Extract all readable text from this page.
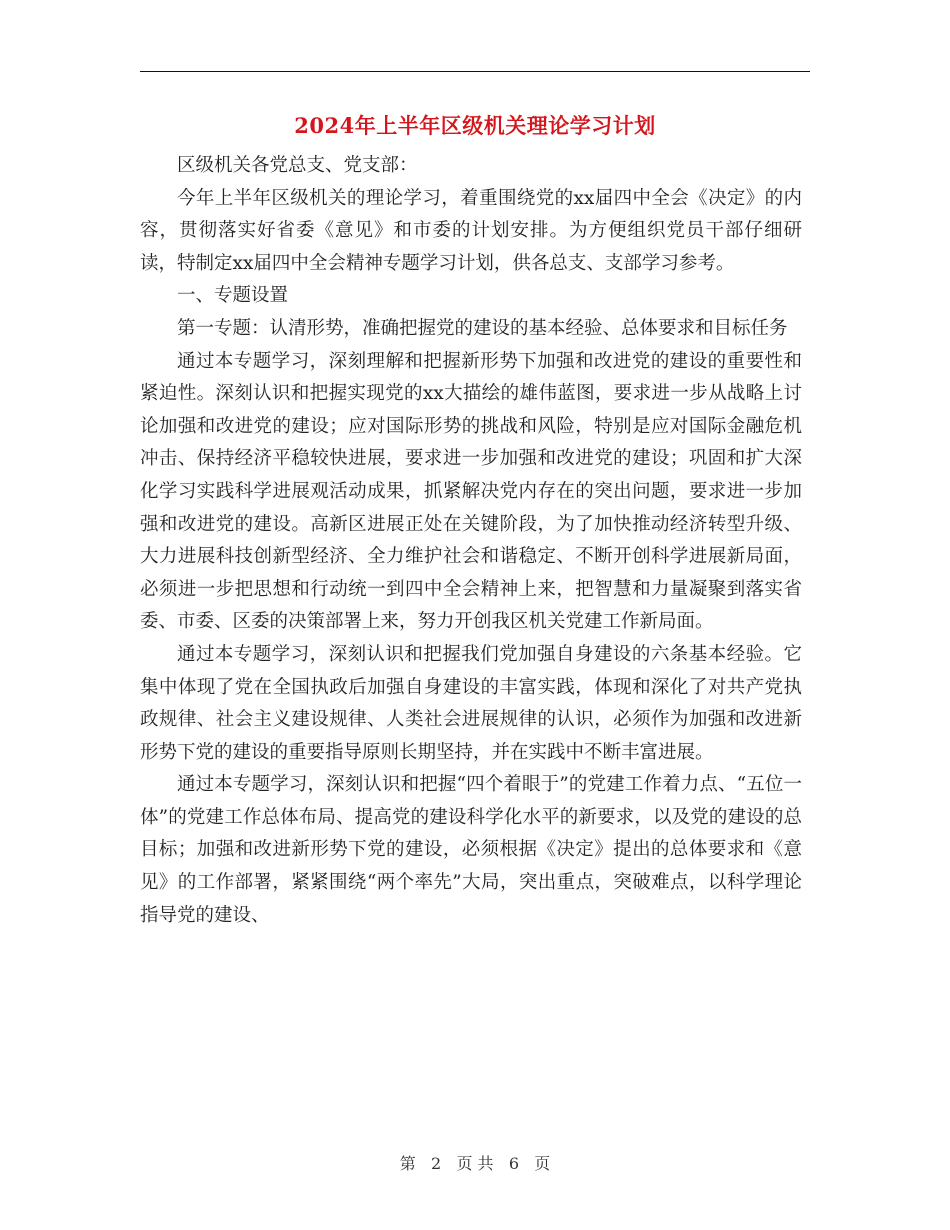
2024年上半年区级机关理论学习计划

区级机关各党总支、党支部：

今年上半年区级机关的理论学习，着重围绕党的xx届四中全会《决定》的内容，贯彻落实好省委《意见》和市委的计划安排。为方便组织党员干部仔细研读，特制定xx届四中全会精神专题学习计划，供各总支、支部学习参考。

一、专题设置

第一专题：认清形势，准确把握党的建设的基本经验、总体要求和目标任务

通过本专题学习，深刻理解和把握新形势下加强和改进党的建设的重要性和紧迫性。深刻认识和把握实现党的xx大描绘的雄伟蓝图，要求进一步从战略上讨论加强和改进党的建设；应对国际形势的挑战和风险，特别是应对国际金融危机冲击、保持经济平稳较快进展，要求进一步加强和改进党的建设；巩固和扩大深化学习实践科学进展观活动成果，抓紧解决党内存在的突出问题，要求进一步加强和改进党的建设。高新区进展正处在关键阶段，为了加快推动经济转型升级、大力进展科技创新型经济、全力维护社会和谐稳定、不断开创科学进展新局面，必须进一步把思想和行动统一到四中全会精神上来，把智慧和力量凝聚到落实省委、市委、区委的决策部署上来，努力开创我区机关党建工作新局面。

通过本专题学习，深刻认识和把握我们党加强自身建设的六条基本经验。它集中体现了党在全国执政后加强自身建设的丰富实践，体现和深化了对共产党执政规律、社会主义建设规律、人类社会进展规律的认识，必须作为加强和改进新形势下党的建设的重要指导原则长期坚持，并在实践中不断丰富进展。

通过本专题学习，深刻认识和把握“四个着眼于”的党建工作着力点、“五位一体”的党建工作总体布局、提高党的建设科学化水平的新要求，以及党的建设的总目标；加强和改进新形势下党的建设，必须根据《决定》提出的总体要求和《意见》的工作部署，紧紧围绕“两个率先”大局，突出重点，突破难点，以科学理论指导党的建设、

第 2 页 共 6 页
